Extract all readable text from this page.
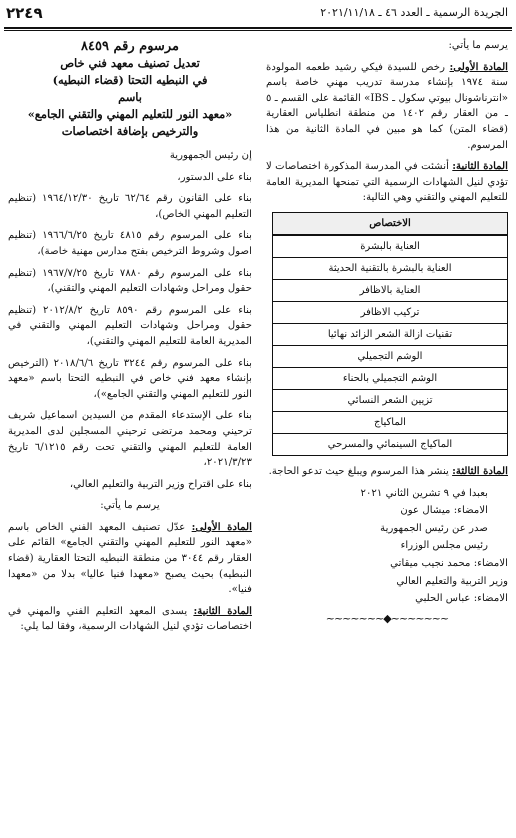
الجريدة الرسمية ـ العدد ٤٦ ـ ٢٠٢١/١١/١٨
٢٢٤٩

يرسم ما يأتي:

المادة الأولى: رخص للسيدة فيكي رشيد طعمه المولودة سنة ١٩٧٤ بإنشاء مدرسة تدريب مهني خاصة باسم «انترناشونال بيوتي سكول ـ IBS» القائمة على القسم ـ ٥ ـ من العقار رقم ١٤٠٢ من منطقة انطلياس العقارية (قضاء المتن) كما هو مبين في المادة الثانية من هذا المرسوم.

المادة الثانية: أنشئت في المدرسة المذكورة اختصاصات لا تؤدي لنيل الشهادات الرسمية التي تمنحها المديرية العامة للتعليم المهني والتقني وهي التالية:

الاختصاص
العناية بالبشرة
العناية بالبشرة بالتقنية الحديثة
العناية بالاظافر
تركيب الاظافر
تقنيات ازالة الشعر الزائد نهائيا
الوشم التجميلي
الوشم التجميلي بالحناء
تزيين الشعر النسائي
الماكياج
الماكياج السينمائي والمسرحي

المادة الثالثة: ينشر هذا المرسوم ويبلغ حيث تدعو الحاجة.

بعبدا في ٩ تشرين الثاني ٢٠٢١
الامضاء: ميشال عون
صدر عن رئيس الجمهورية
رئيس مجلس الوزراء
الامضاء: محمد نجيب ميقاتي
وزير التربية والتعليم العالي
الامضاء: عباس الحلبي
~~~~~~~◆~~~~~~~
مرسوم رقم ٨٤٥٩
تعديل تصنيف معهد فني خاص
في النبطيه التحتا (قضاء النبطيه)
باسم
«معهد النور للتعليم المهني والتقني الجامع»
والترخيص بإضافة اختصاصات

إن رئيس الجمهورية

بناء على الدستور،

بناء على القانون رقم ٦٢/٦٤ تاريخ ١٩٦٤/١٢/٣٠ (تنظيم التعليم المهني الخاص)،

بناء على المرسوم رقم ٤٨١٥ تاريخ ١٩٦٦/٦/٢٥ (تنظيم اصول وشروط الترخيص بفتح مدارس مهنية خاصة)،

بناء على المرسوم رقم ٧٨٨٠ تاريخ ١٩٦٧/٧/٢٥ (تنظيم حقول ومراحل وشهادات التعليم المهني والتقني)،

بناء على المرسوم رقم ٨٥٩٠ تاريخ ٢٠١٢/٨/٢ (تنظيم حقول ومراحل وشهادات التعليم المهني والتقني في المديرية العامة للتعليم المهني والتقني)،

بناء على المرسوم رقم ٣٢٤٤ تاريخ ٢٠١٨/٦/٦ (الترخيص بإنشاء معهد فني خاص في النبطيه التحتا باسم «معهد النور للتعليم المهني والتقني الجامع»)،

بناء على الإستدعاء المقدم من السيدين اسماعيل شريف ترحيني ومحمد مرتضى ترحيني المسجلين لدى المديرية العامة للتعليم المهني والتقني تحت رقم ٦/١٢١٥ تاريخ ٢٠٢١/٣/٢٣،

بناء على اقتراح وزير التربية والتعليم العالي،

يرسم ما يأتي:

المادة الأولى: عدّل تصنيف المعهد الفني الخاص باسم «معهد النور للتعليم المهني والتقني الجامع» القائم على العقار رقم ٣٠٤٤ من منطقة النبطيه التحتا العقارية (قضاء النبطيه) بحيث يصبح «معهدا فنيا عاليا» بدلا من «معهدا فنيا».

المادة الثانية: يسدى المعهد التعليم الفني والمهني في اختصاصات تؤدي لنيل الشهادات الرسمية، وفقا لما يلي:
